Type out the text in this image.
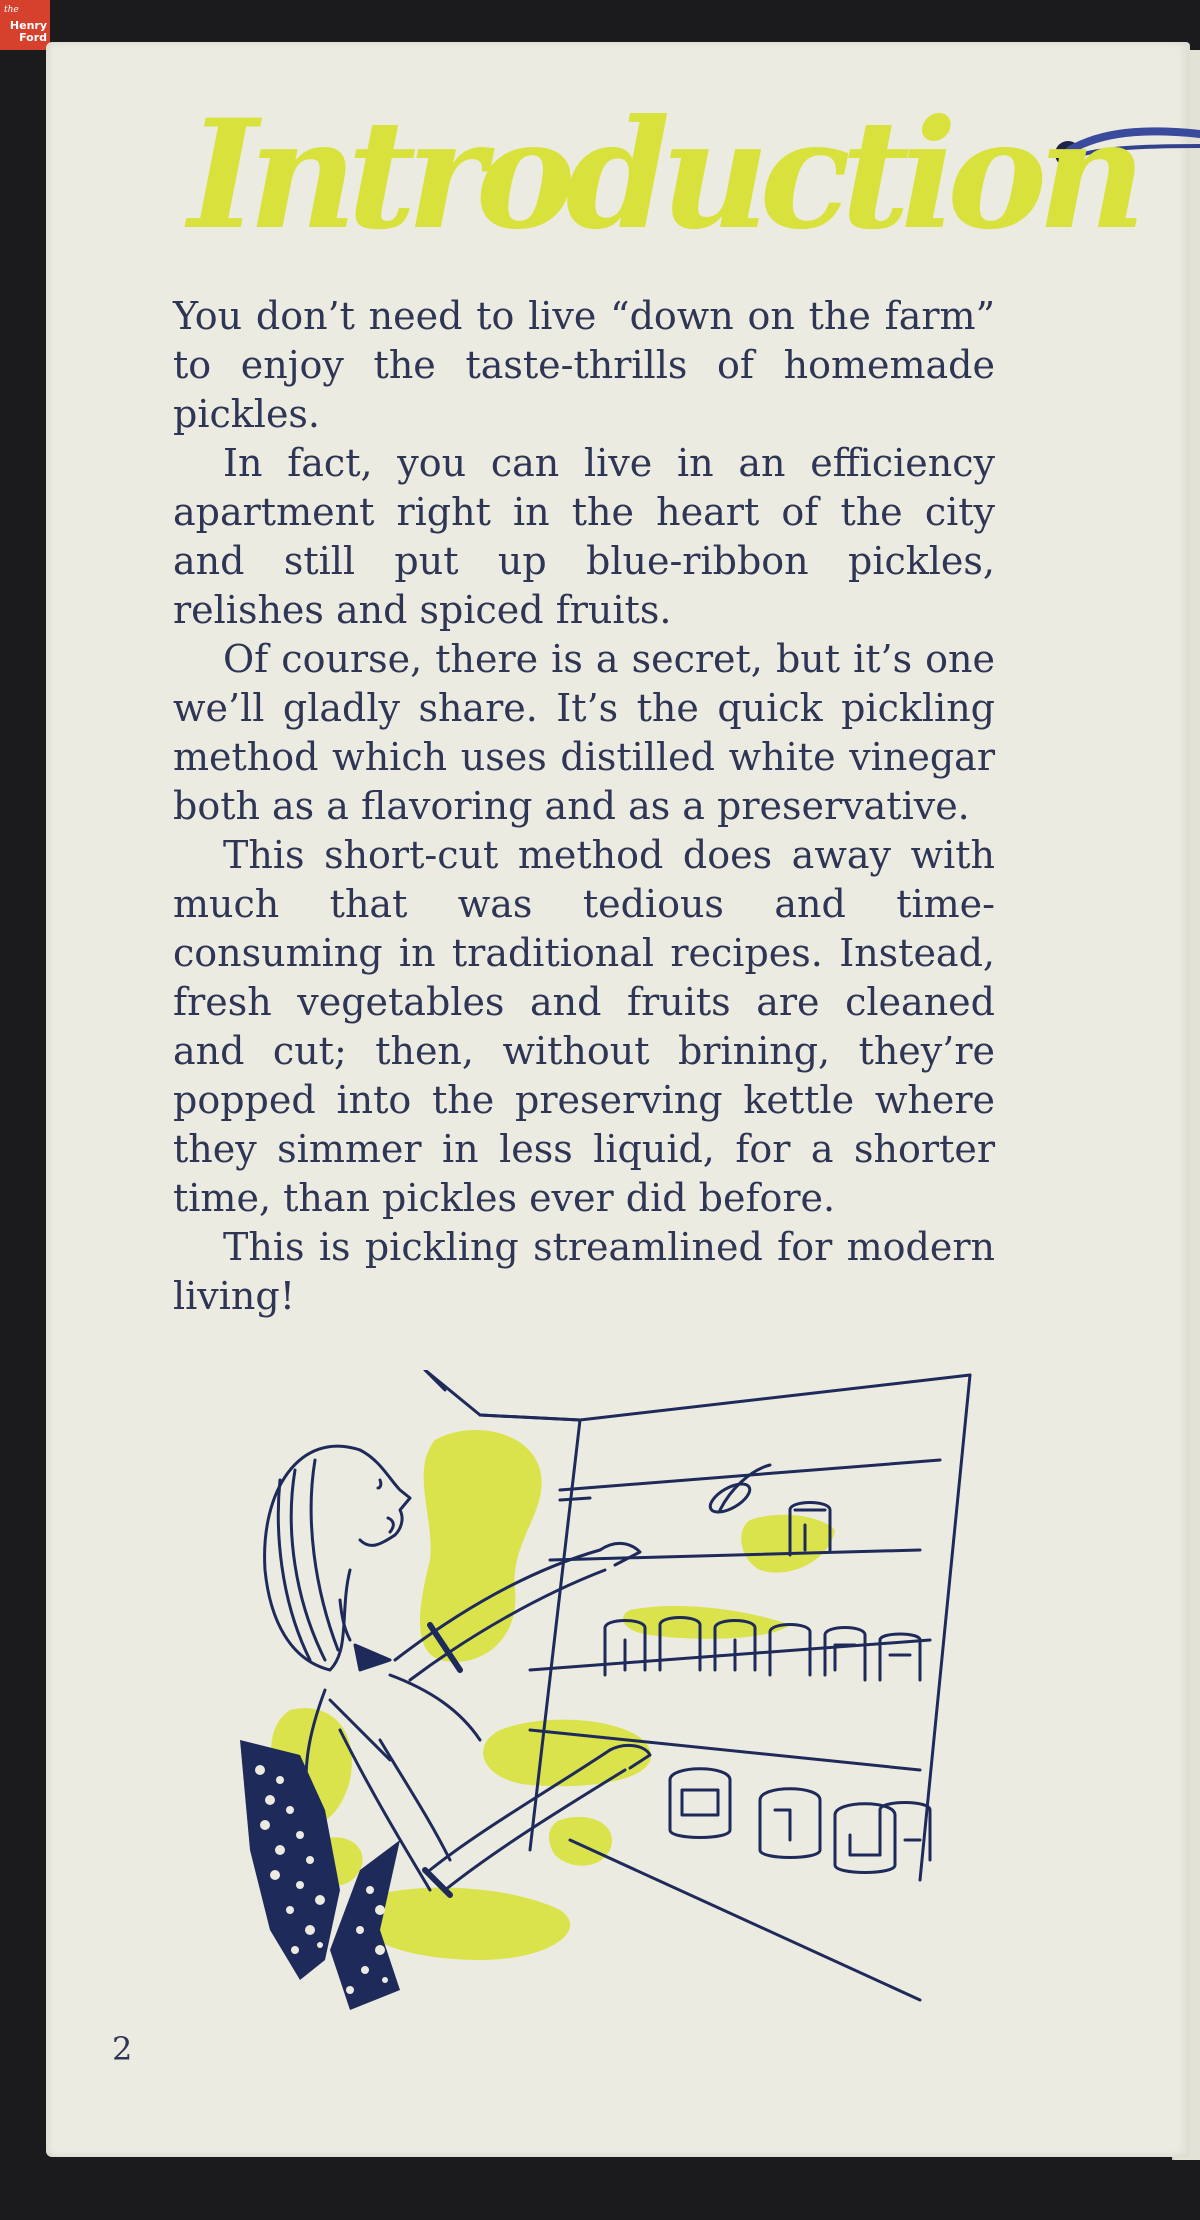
the
Henry
Ford
Introduction

You don’t need to live “down on the farm” to enjoy the taste-thrills of homemade pickles.

In fact, you can live in an efficiency apartment right in the heart of the city and still put up blue-ribbon pickles, relishes and spiced fruits.

Of course, there is a secret, but it’s one we’ll gladly share. It’s the quick pickling method which uses distilled white vinegar both as a flavoring and as a preservative.

This short-cut method does away with much that was tedious and time-consuming in traditional recipes. Instead, fresh vegetables and fruits are cleaned and cut; then, without brining, they’re popped into the preserving kettle where they simmer in less liquid, for a shorter time, than pickles ever did before.

This is pickling streamlined for modern living!

2
